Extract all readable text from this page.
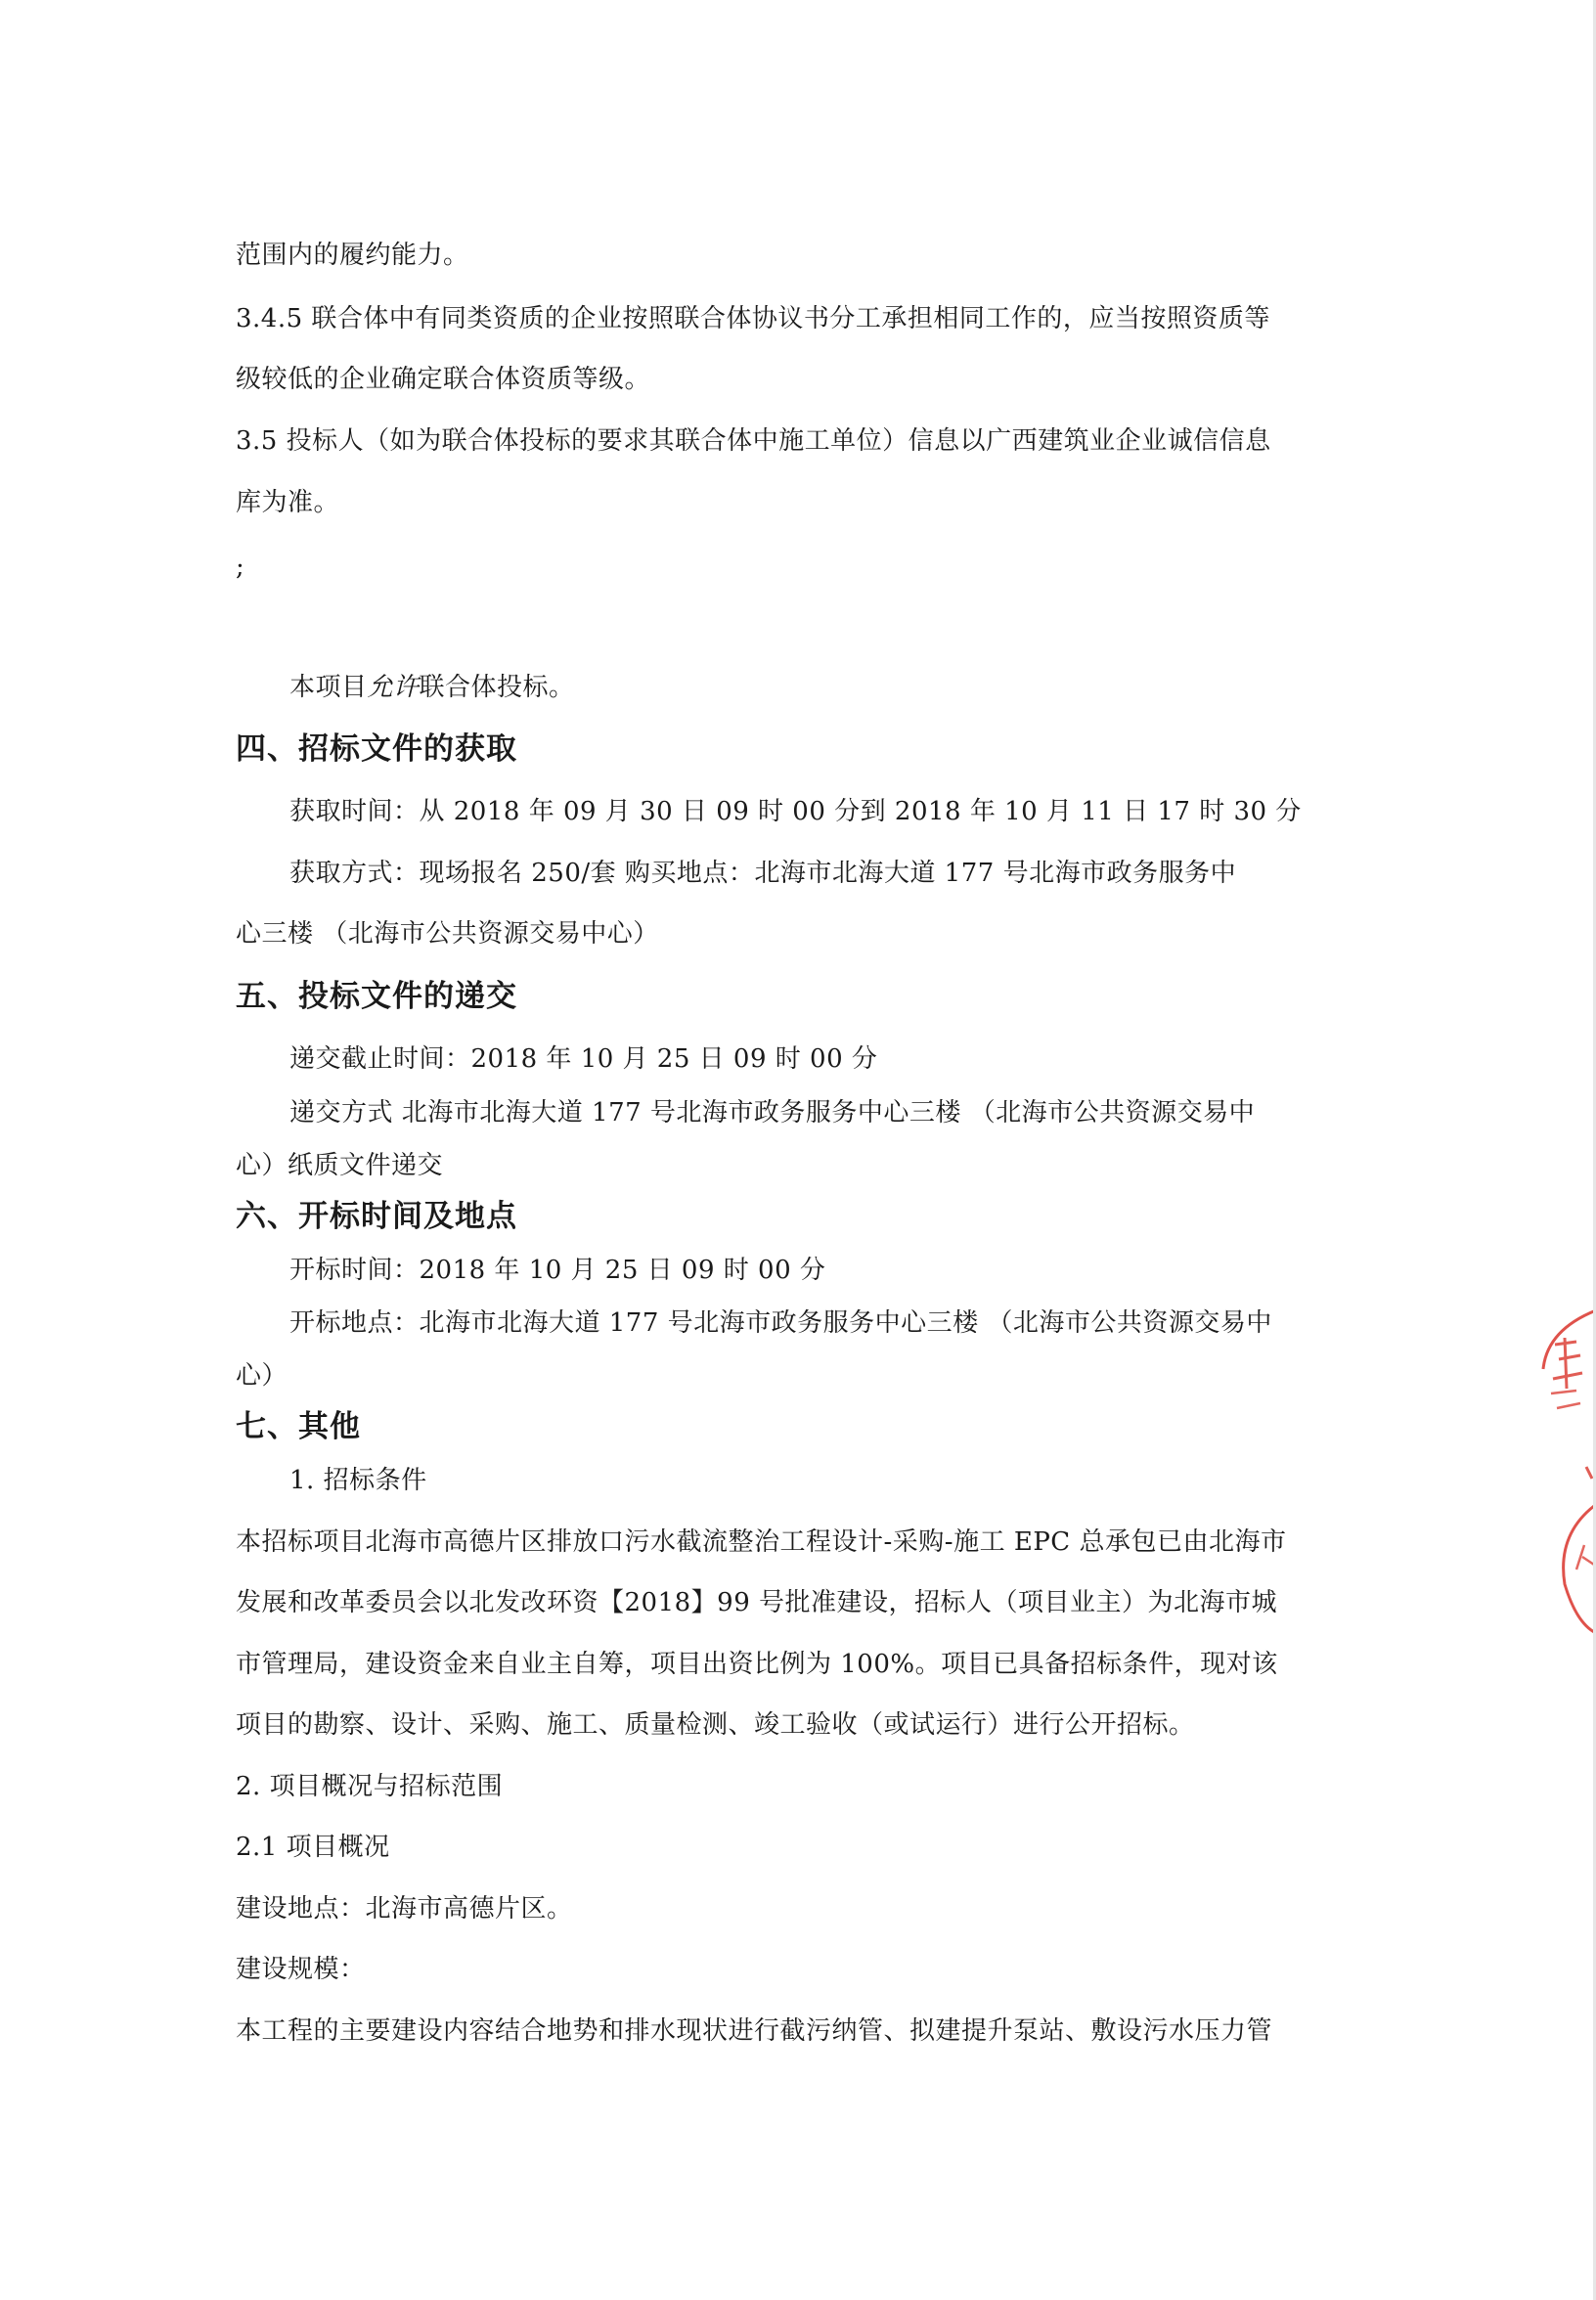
范围内的履约能力。
3.4.5 联合体中有同类资质的企业按照联合体协议书分工承担相同工作的，应当按照资质等
级较低的企业确定联合体资质等级。
3.5 投标人（如为联合体投标的要求其联合体中施工单位）信息以广西建筑业企业诚信信息
库为准。
;
本项目允许联合体投标。
四、招标文件的获取
获取时间：从 2018 年 09 月 30 日 09 时 00 分到 2018 年 10 月 11 日 17 时 30 分
获取方式：现场报名 250/套 购买地点：北海市北海大道 177 号北海市政务服务中
心三楼 （北海市公共资源交易中心）
五、投标文件的递交
递交截止时间：2018 年 10 月 25 日 09 时 00 分
递交方式 北海市北海大道 177 号北海市政务服务中心三楼 （北海市公共资源交易中
心）纸质文件递交
六、开标时间及地点
开标时间：2018 年 10 月 25 日 09 时 00 分
开标地点：北海市北海大道 177 号北海市政务服务中心三楼 （北海市公共资源交易中
心）
七、其他
1. 招标条件
本招标项目北海市高德片区排放口污水截流整治工程设计-采购-施工 EPC 总承包已由北海市
发展和改革委员会以北发改环资【2018】99 号批准建设，招标人（项目业主）为北海市城
市管理局，建设资金来自业主自筹，项目出资比例为 100%。项目已具备招标条件，现对该
项目的勘察、设计、采购、施工、质量检测、竣工验收（或试运行）进行公开招标。
2. 项目概况与招标范围
2.1 项目概况
建设地点：北海市高德片区。
建设规模：
本工程的主要建设内容结合地势和排水现状进行截污纳管、拟建提升泵站、敷设污水压力管
